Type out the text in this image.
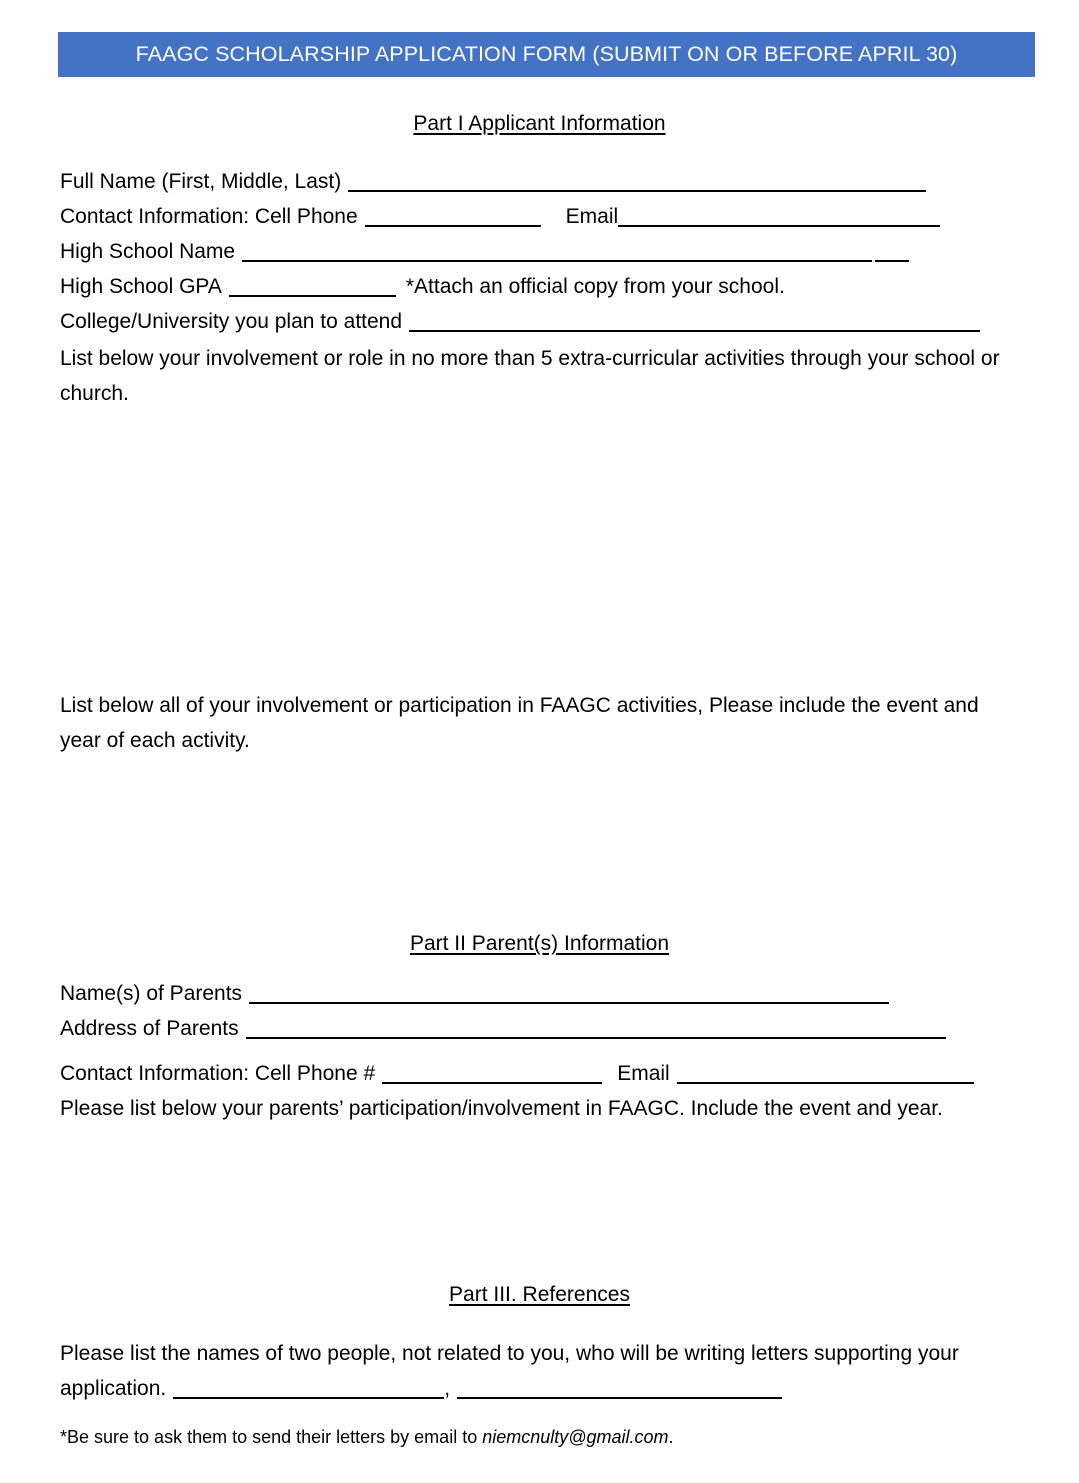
FAAGC SCHOLARSHIP APPLICATION FORM (SUBMIT ON OR BEFORE APRIL 30)
Part I Applicant Information
Full Name (First, Middle, Last)
Contact Information: Cell Phone	Email
High School Name
High School GPA	*Attach an official copy from your school.
College/University you plan to attend
List below your involvement or role in no more than 5 extra-curricular activities through your school or church.
List below all of your involvement or participation in FAAGC activities, Please include the event and year of each activity.
Part II Parent(s) Information
Name(s) of Parents
Address of Parents
Contact Information: Cell Phone #	Email
Please list below your parents’ participation/involvement in FAAGC. Include the event and year.
Part III. References
Please list the names of two people, not related to you, who will be writing letters supporting your application.	,
*Be sure to ask them to send their letters by email to niemcnulty@gmail.com.
